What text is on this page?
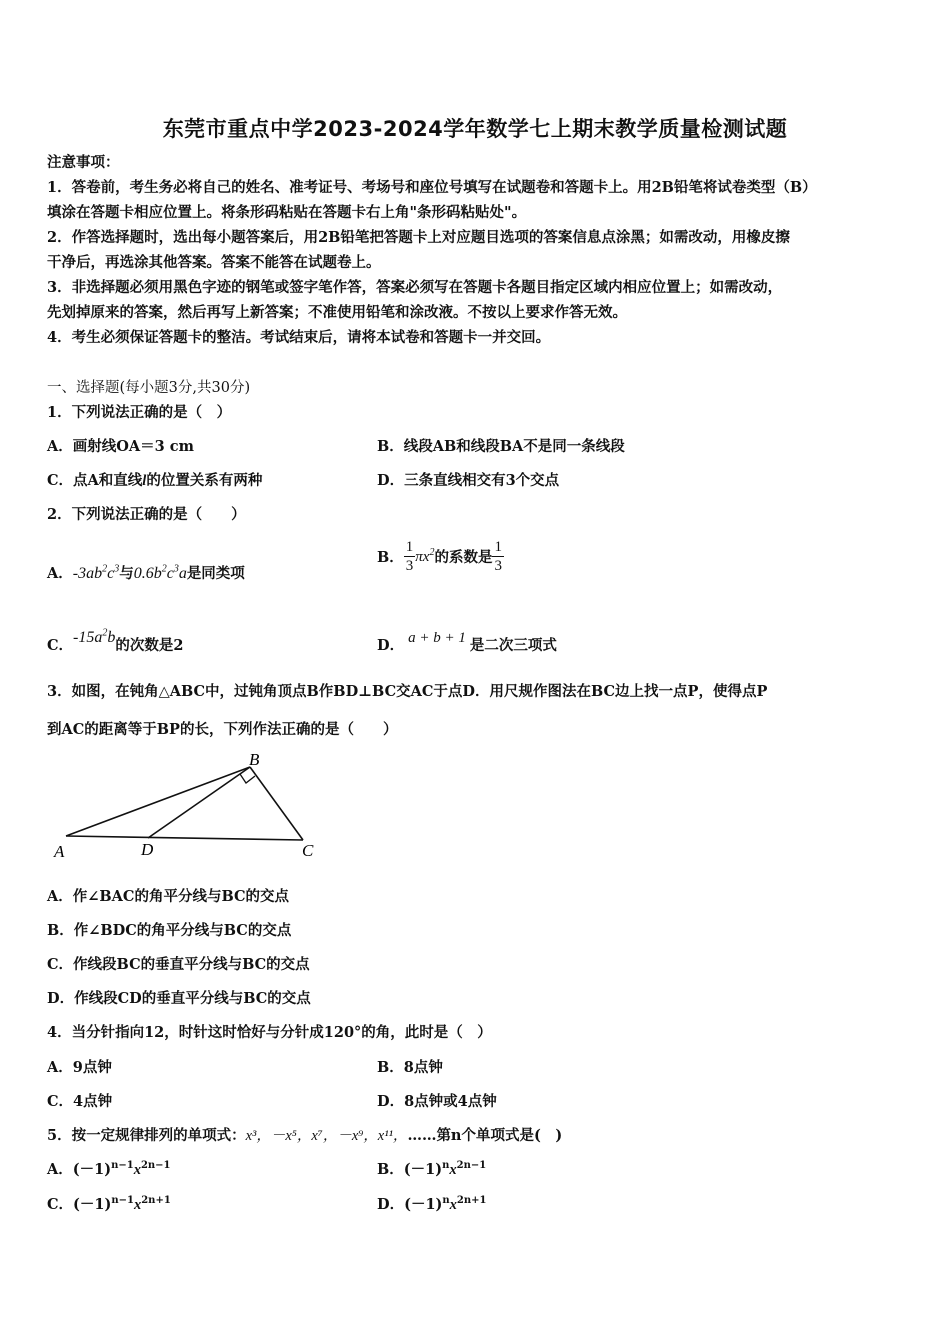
东莞市重点中学2023-2024学年数学七上期末教学质量检测试题
注意事项：
1．答卷前，考生务必将自己的姓名、准考证号、考场号和座位号填写在试题卷和答题卡上。用2B铅笔将试卷类型（B）
填涂在答题卡相应位置上。将条形码粘贴在答题卡右上角"条形码粘贴处"。
2．作答选择题时，选出每小题答案后，用2B铅笔把答题卡上对应题目选项的答案信息点涂黑；如需改动，用橡皮擦
干净后，再选涂其他答案。答案不能答在试题卷上。
3．非选择题必须用黑色字迹的钢笔或签字笔作答，答案必须写在答题卡各题目指定区域内相应位置上；如需改动，
先划掉原来的答案，然后再写上新答案；不准使用铅笔和涂改液。不按以上要求作答无效。
4．考生必须保证答题卡的整洁。考试结束后，请将本试卷和答题卡一并交回。
一、选择题(每小题3分,共30分)
1．下列说法正确的是（　）
A．画射线OA＝3 cm	B．线段AB和线段BA不是同一条线段
C．点A和直线l的位置关系有两种	D．三条直线相交有3个交点
2．下列说法正确的是（　　）
A．$-3ab^2c^3$与$0.6b^2c^3a$是同类项
B． $\frac{1}{3} \pi x^2$的系数是 $\frac{1}{3}$
C．$-15a^2b$的次数是2	D． a + b + 1 是二次三项式
3．如图，在钝角△ABC中，过钝角顶点B作BD⊥BC交AC于点D．用尺规作图法在BC边上找一点P，使得点P
到AC的距离等于BP的长，下列作法正确的是（　　）
A	D	C
B
A．作∠BAC的角平分线与BC的交点
B．作∠BDC的角平分线与BC的交点
C．作线段BC的垂直平分线与BC的交点
D．作线段CD的垂直平分线与BC的交点
4．当分针指向12，时针这时恰好与分针成120°的角，此时是（　）
A．9点钟	B．8点钟
C．4点钟	D．8点钟或4点钟
5．按一定规律排列的单项式：x³，－x⁵，x⁷，－x⁹，x¹¹，……第n个单项式是(　)
A．$(-1)^{n-1}x^{2n-1}$	B．$(-1)^nx^{2n-1}$
C．$(-1)^{n-1}x^{2n+1}$	D．$(-1)^nx^{2n+1}$
